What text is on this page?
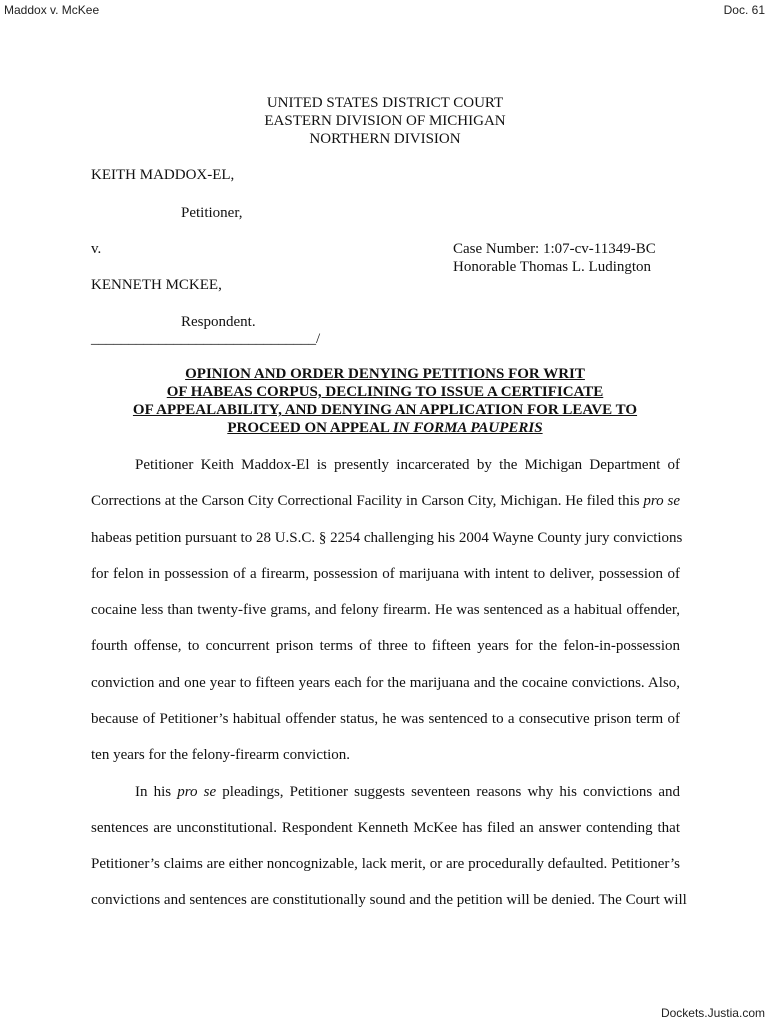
Maddox v. McKee	Doc. 61
UNITED STATES DISTRICT COURT
EASTERN DIVISION OF MICHIGAN
NORTHERN DIVISION
KEITH MADDOX-EL,
Petitioner,
v.	Case Number: 1:07-cv-11349-BC
Honorable Thomas L. Ludington
KENNETH MCKEE,
Respondent.
______________________________/
OPINION AND ORDER DENYING PETITIONS FOR WRIT
OF HABEAS CORPUS, DECLINING TO ISSUE A CERTIFICATE
OF APPEALABILITY, AND DENYING AN APPLICATION FOR LEAVE TO
PROCEED ON APPEAL IN FORMA PAUPERIS
Petitioner Keith Maddox-El is presently incarcerated by the Michigan Department of
Corrections at the Carson City Correctional Facility in Carson City, Michigan. He filed this pro se
habeas petition pursuant to 28 U.S.C. § 2254 challenging his 2004 Wayne County jury convictions
for felon in possession of a firearm, possession of marijuana with intent to deliver, possession of
cocaine less than twenty-five grams, and felony firearm. He was sentenced as a habitual offender,
fourth offense, to concurrent prison terms of three to fifteen years for the felon-in-possession
conviction and one year to fifteen years each for the marijuana and the cocaine convictions. Also,
because of Petitioner’s habitual offender status, he was sentenced to a consecutive prison term of
ten years for the felony-firearm conviction.
In his pro se pleadings, Petitioner suggests seventeen reasons why his convictions and
sentences are unconstitutional. Respondent Kenneth McKee has filed an answer contending that
Petitioner’s claims are either noncognizable, lack merit, or are procedurally defaulted. Petitioner’s
convictions and sentences are constitutionally sound and the petition will be denied. The Court will
Dockets.Justia.com
